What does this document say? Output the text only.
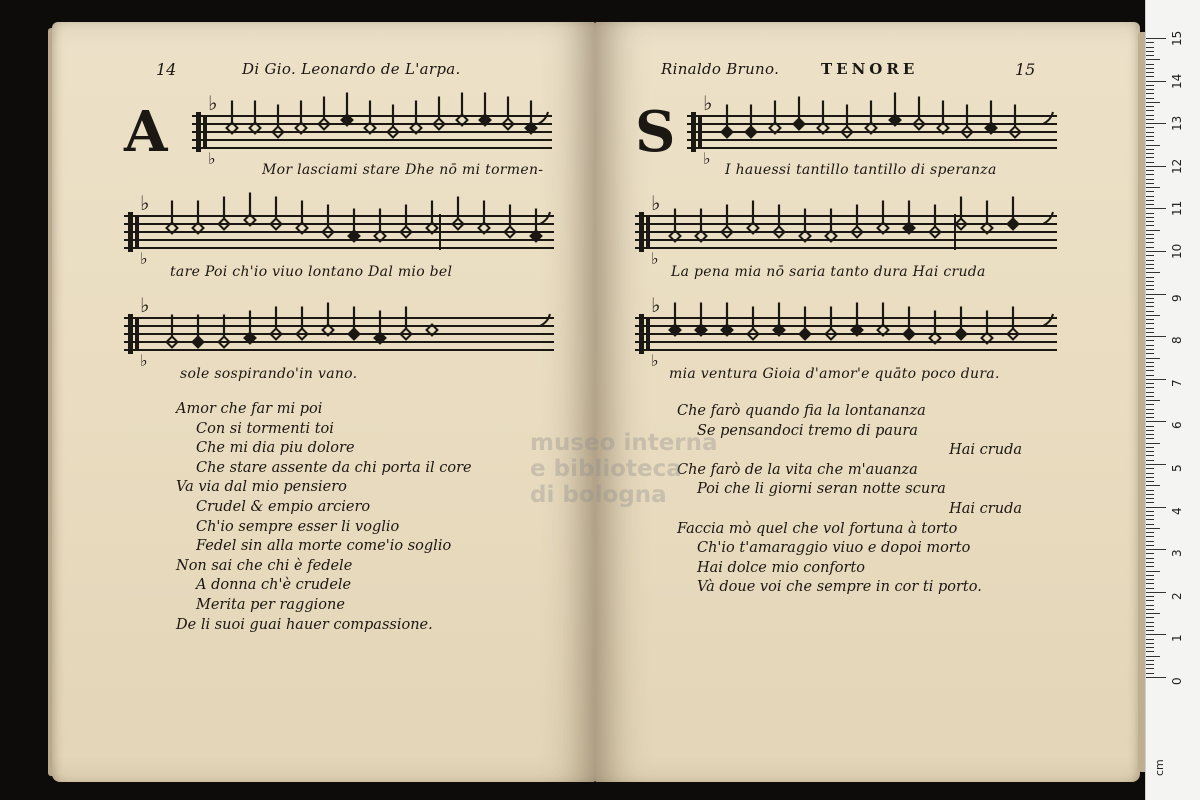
14	Di Gio. Leonardo de L'arpa.
A ♭
♭
Mor lasciami stare Dhe nō mi tormen-
♭
♭
tare Poi ch'io viuo lontano Dal mio bel
♭
♭
sole sospirando'in vano.
Amor che far mi poi
Con si tormenti toi
Che mi dia piu dolore
Che stare assente da chi porta il core
Va via dal mio pensiero
Crudel & empio arciero
Ch'io sempre esser li voglio
Fedel sin alla morte come'io soglio
Non sai che chi è fedele
A donna ch'è crudele
Merita per raggione
De li suoi guai hauer compassione.
Rinaldo Bruno.	TENORE	15
S ♭
♭
I hauessi tantillo tantillo di speranza
♭
♭
La pena mia nō saria tanto dura Hai cruda
♭
♭
mia ventura Gioia d'amor'e quāto poco dura.
Che farò quando fia la lontananza
Se pensandoci tremo di paura
Hai cruda
Che farò de la vita che m'auanza
Poi che li giorni seran notte scura
Hai cruda
Faccia mò quel che vol fortuna à torto
Ch'io t'amaraggio viuo e dopoi morto
Hai dolce mio conforto
Và doue voi che sempre in cor ti porto.
museo interna
e biblioteca
di bologna
cm
15
14
13
12
11
10
9
8
7
6
5
4
3
2
1
0
